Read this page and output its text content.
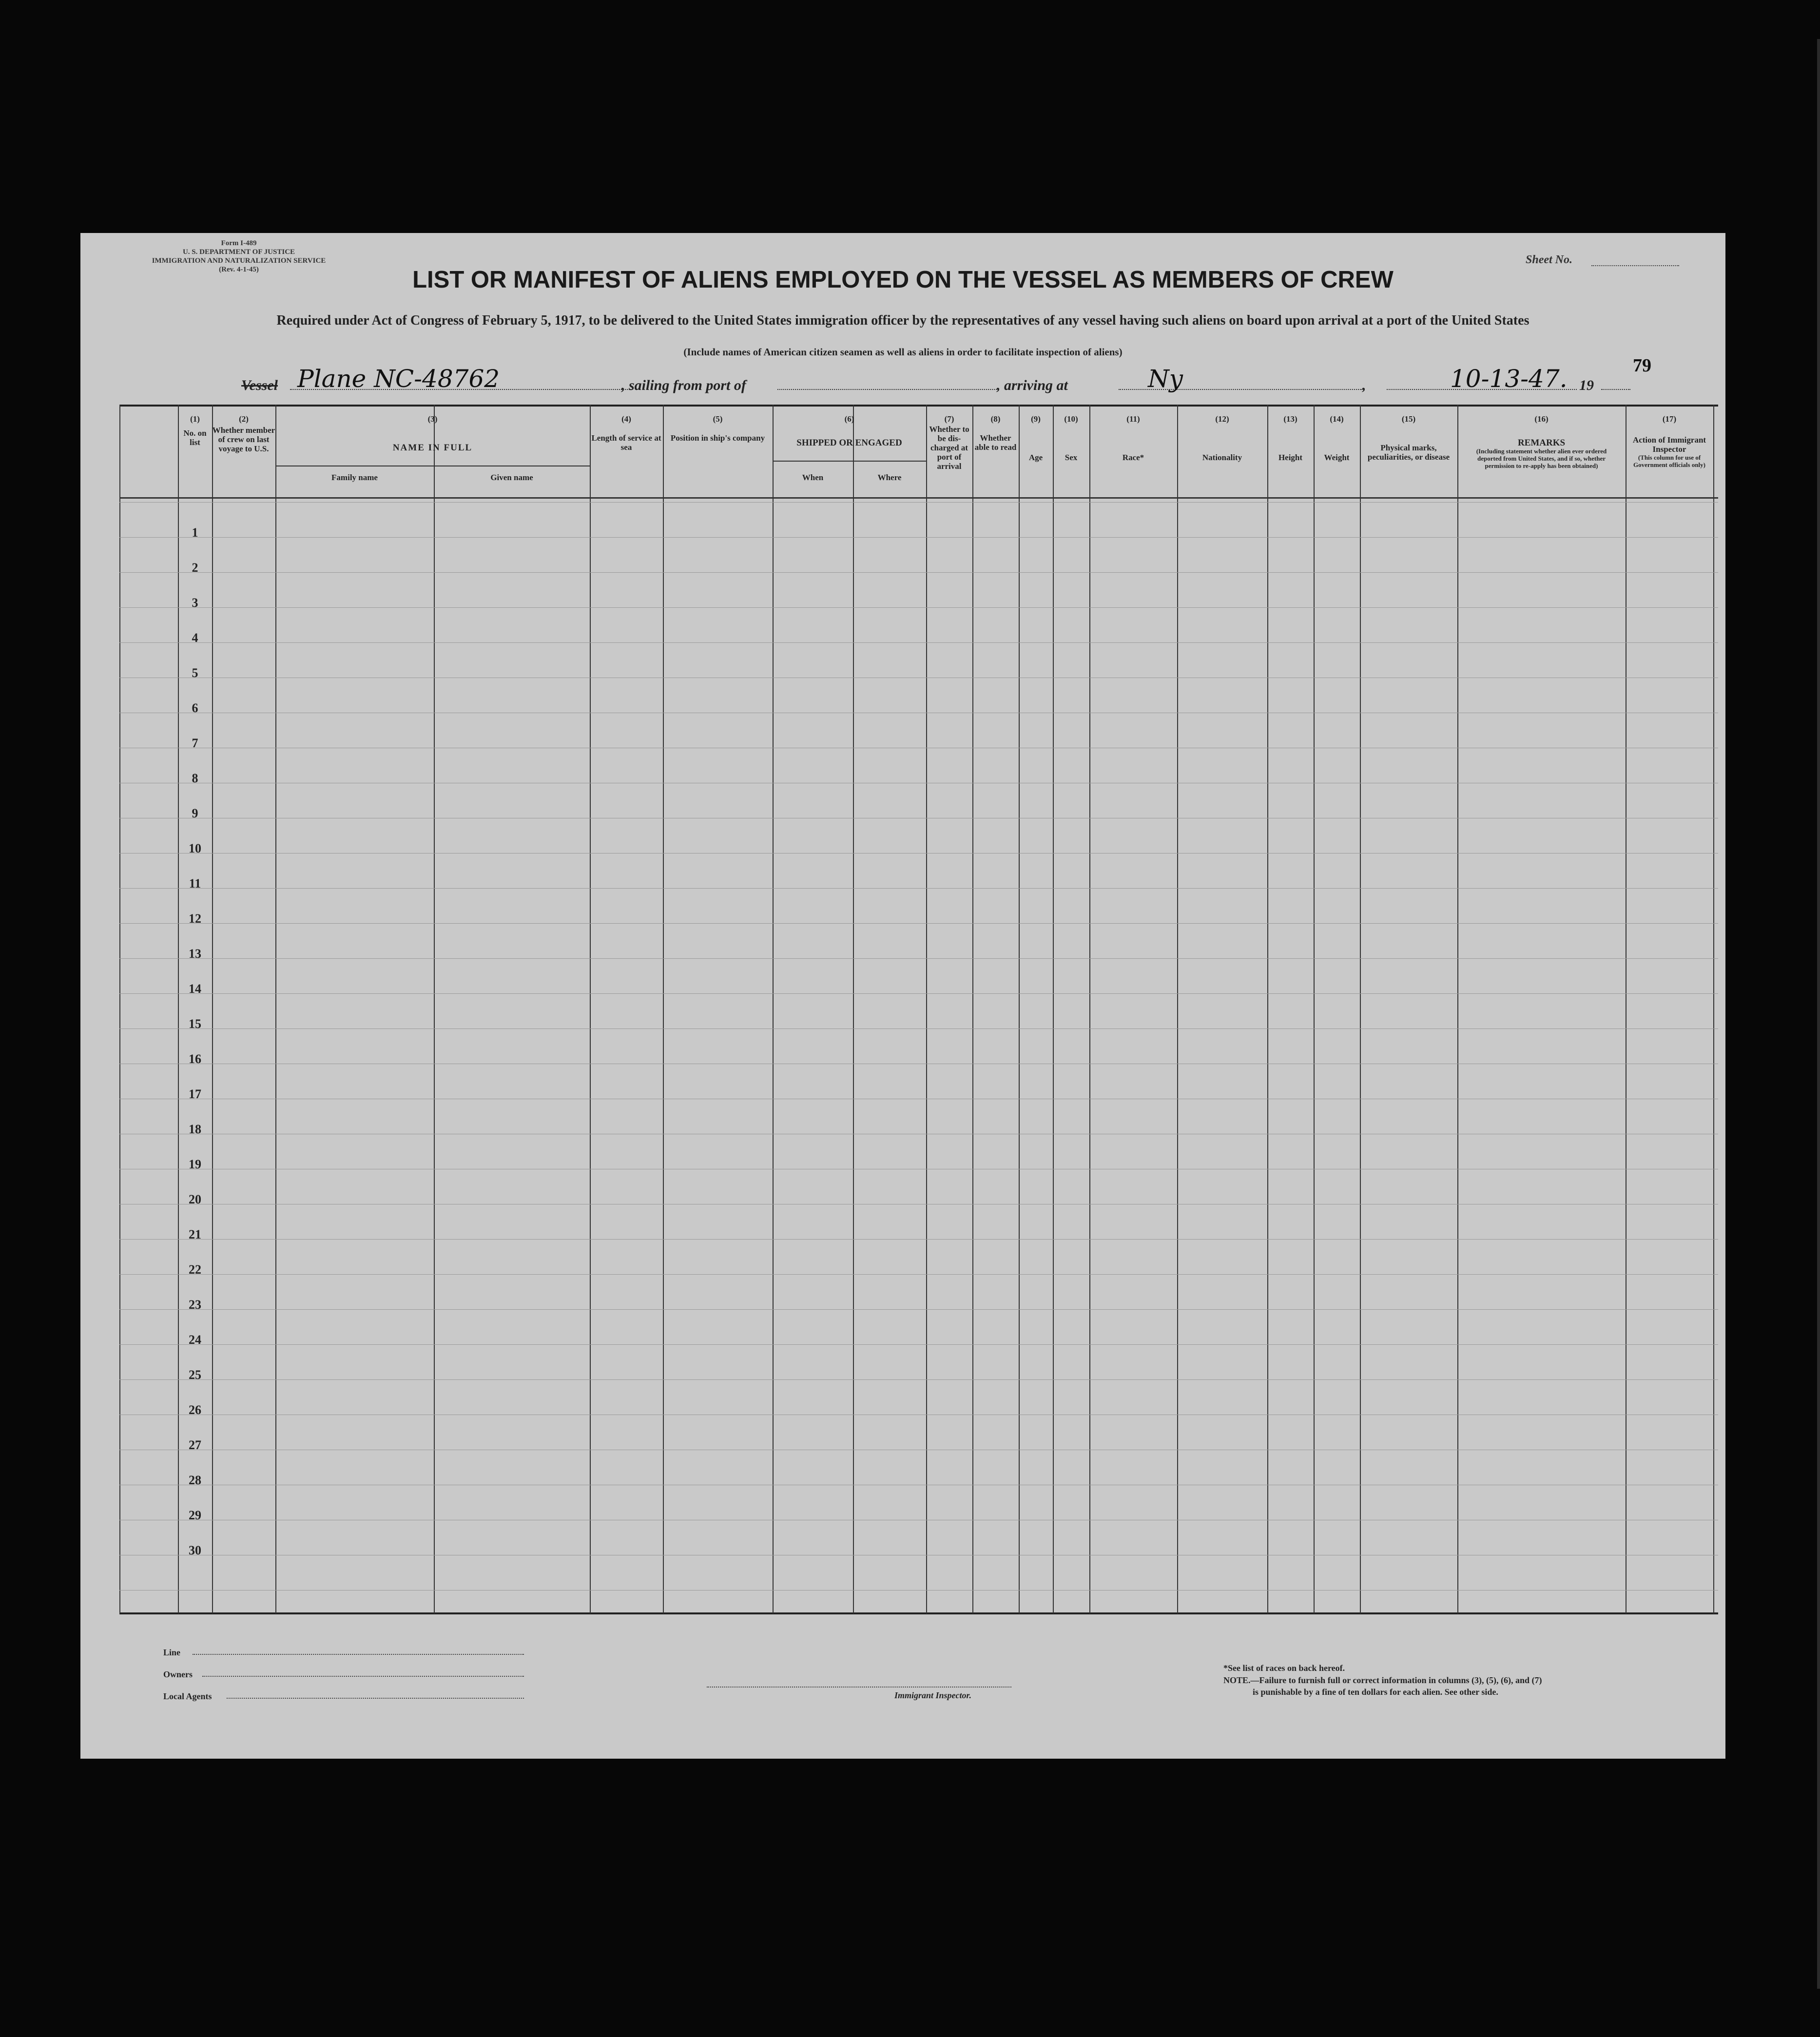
Form I-489
U. S. DEPARTMENT OF JUSTICE
IMMIGRATION AND NATURALIZATION SERVICE
(Rev. 4-1-45)
Sheet No.
LIST OR MANIFEST OF ALIENS EMPLOYED ON THE VESSEL AS MEMBERS OF CREW
Required under Act of Congress of February 5, 1917, to be delivered to the United States immigration officer by the representatives of any vessel having such aliens on board upon arrival at a port of the United States
(Include names of American citizen seamen as well as aliens in order to facilitate inspection of aliens)
79
Vessel Plane NC-48762	, sailing from port of	, arriving at	Ny	,	10-13-47. 19
(1)
No. on list
(2)
Whether member of crew on last voyage to U.S.
(3)
NAME IN FULL
Family name	Given name
(4)
Length of service at sea
(5)
Position in ship's company
(6)
SHIPPED OR ENGAGED
When	Where
(7)
Whether to be dis-charged at port of arrival
(8)
Whether able to read
(9)
Age
(10)
Sex
(11)
Race*
(12)
Nationality
(13)
Height
(14)
Weight
(15)
Physical marks, peculiarities, or disease
(16)
REMARKS
(Including statement whether alien ever ordered deported from United States, and if so, whether permission to re-apply has been obtained)
(17)
Action of Immigrant Inspector
(This column for use of Government officials only)
1
2
3
4
5
6
7
8
9
10
11
12
13
14
15
16
17
18
19
20
21
22
23
24
25
26
27
28
29
30
Line
Owners
Local Agents	Immigrant Inspector.
*See list of races on back hereof.
NOTE.—Failure to furnish full or correct information in columns (3), (5), (6), and (7)
is punishable by a fine of ten dollars for each alien. See other side.
